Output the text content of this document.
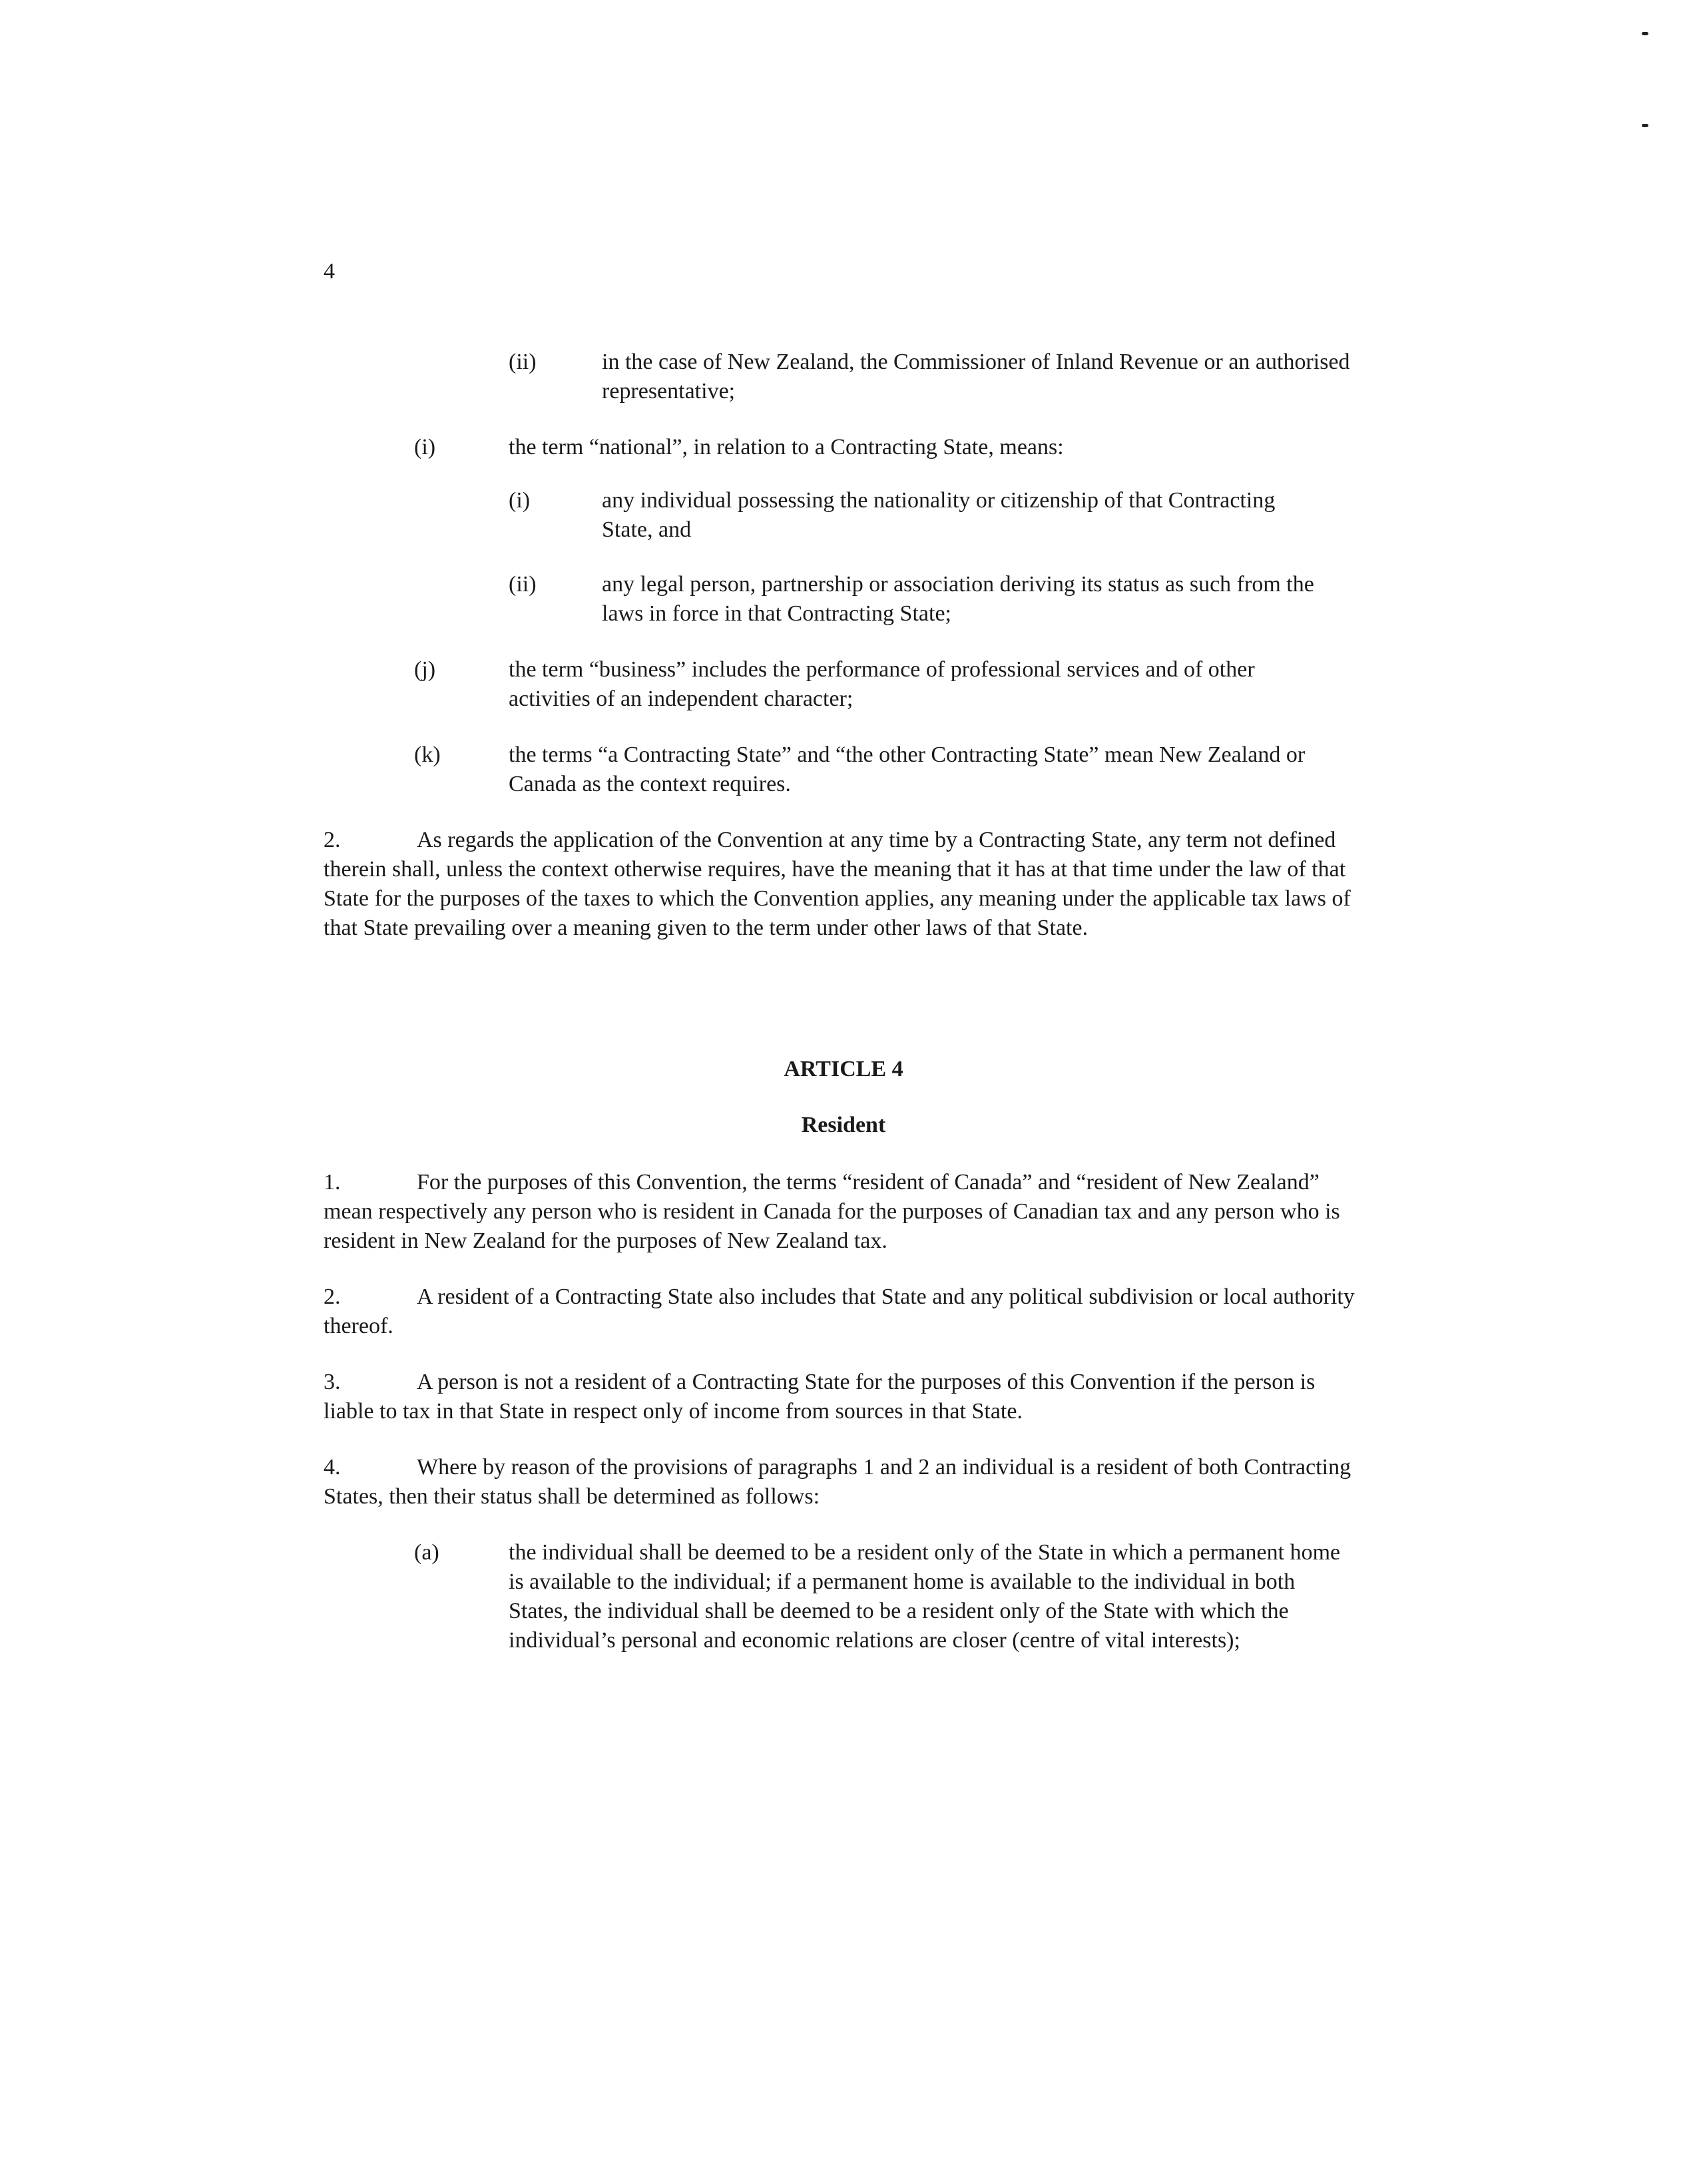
4
(ii)	in the case of New Zealand, the Commissioner of Inland Revenue or an authorised representative;
(i)	the term “national”, in relation to a Contracting State, means:
(i)	any individual possessing the nationality or citizenship of that Contracting State, and
(ii)	any legal person, partnership or association deriving its status as such from the laws in force in that Contracting State;
(j)	the term “business” includes the performance of professional services and of other activities of an independent character;
(k)	the terms “a Contracting State” and “the other Contracting State” mean New Zealand or Canada as the context requires.
2.	As regards the application of the Convention at any time by a Contracting State, any term not defined therein shall, unless the context otherwise requires, have the meaning that it has at that time under the law of that State for the purposes of the taxes to which the Convention applies, any meaning under the applicable tax laws of that State prevailing over a meaning given to the term under other laws of that State.
ARTICLE 4
Resident
1.	For the purposes of this Convention, the terms “resident of Canada” and “resident of New Zealand” mean respectively any person who is resident in Canada for the purposes of Canadian tax and any person who is resident in New Zealand for the purposes of New Zealand tax.
2.	A resident of a Contracting State also includes that State and any political subdivision or local authority thereof.
3.	A person is not a resident of a Contracting State for the purposes of this Convention if the person is liable to tax in that State in respect only of income from sources in that State.
4.	Where by reason of the provisions of paragraphs 1 and 2 an individual is a resident of both Contracting States, then their status shall be determined as follows:
(a)	the individual shall be deemed to be a resident only of the State in which a permanent home is available to the individual; if a permanent home is available to the individual in both States, the individual shall be deemed to be a resident only of the State with which the individual’s personal and economic relations are closer (centre of vital interests);
